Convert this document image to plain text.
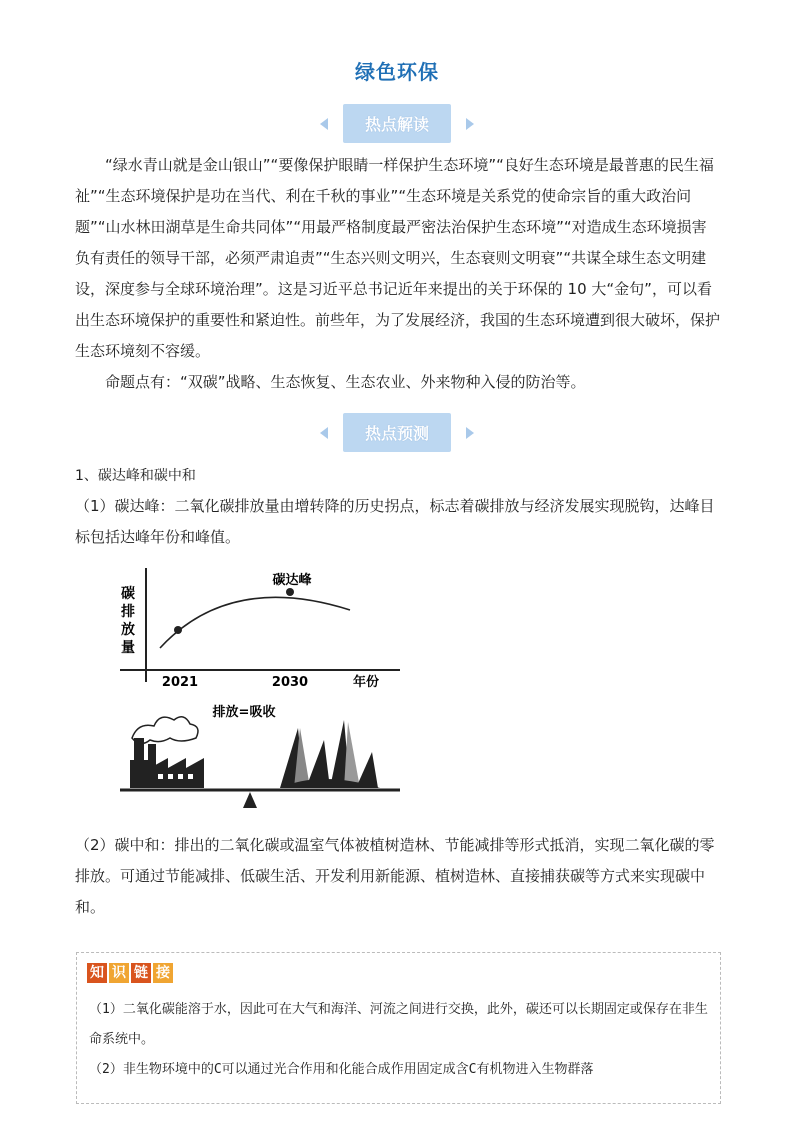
绿色环保
热点解读

“绿水青山就是金山银山”“要像保护眼睛一样保护生态环境”“良好生态环境是最普惠的民生福祉”“生态环境保护是功在当代、利在千秋的事业”“生态环境是关系党的使命宗旨的重大政治问题”“山水林田湖草是生命共同体”“用最严格制度最严密法治保护生态环境”“对造成生态环境损害负有责任的领导干部，必须严肃追责”“生态兴则文明兴，生态衰则文明衰”“共谋全球生态文明建设，深度参与全球环境治理”。这是习近平总书记近年来提出的关于环保的 10 大“金句”，可以看出生态环境保护的重要性和紧迫性。前些年，为了发展经济，我国的生态环境遭到很大破坏，保护生态环境刻不容缓。

命题点有：“双碳”战略、生态恢复、生态农业、外来物种入侵的防治等。

热点预测
1、碳达峰和碳中和

（1）碳达峰：二氧化碳排放量由增转降的历史拐点，标志着碳排放与经济发展实现脱钩，达峰目标包括达峰年份和峰值。

碳
排
放
量
碳达峰
2021	2030	年份
排放=吸收

（2）碳中和：排出的二氧化碳或温室气体被植树造林、节能减排等形式抵消，实现二氧化碳的零排放。可通过节能减排、低碳生活、开发利用新能源、植树造林、直接捕获碳等方式来实现碳中和。

知 识 链 接

（1）二氧化碳能溶于水，因此可在大气和海洋、河流之间进行交换，此外，碳还可以长期固定或保存在非生命系统中。

（2）非生物环境中的C可以通过光合作用和化能合成作用固定成含C有机物进入生物群落
